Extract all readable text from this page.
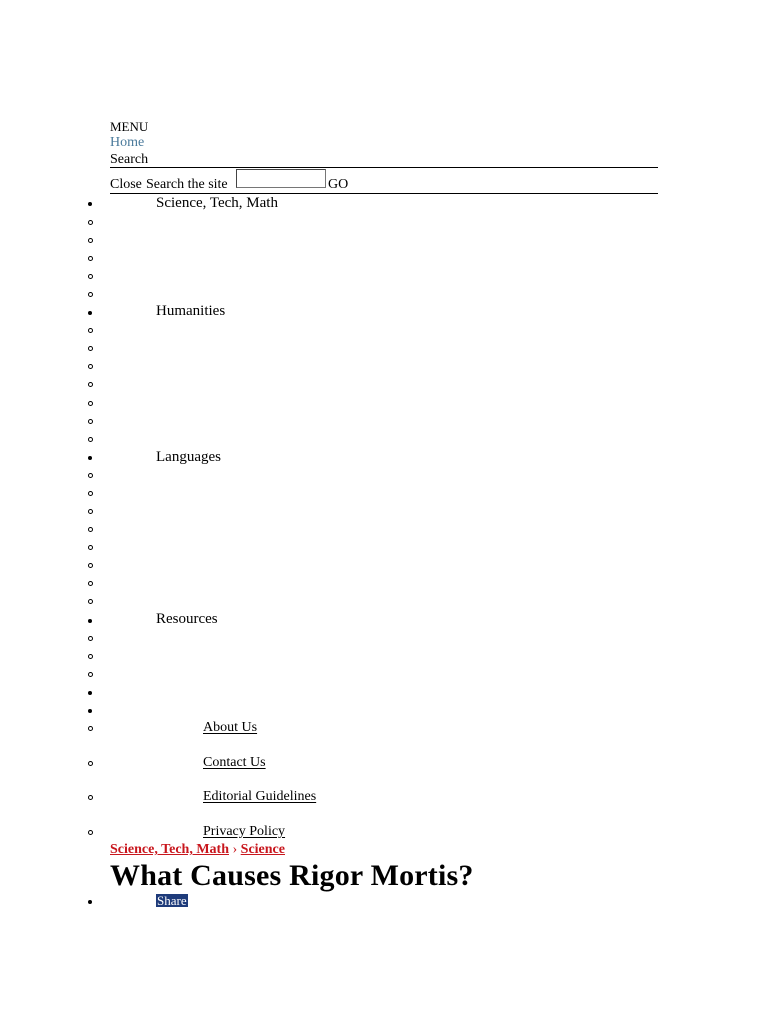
MENU
Home
Search
Close Search the site	GO
Science, Tech, Math
Humanities
Languages
Resources
About Us
Contact Us
Editorial Guidelines
Privacy Policy
Science, Tech, Math › Science
What Causes Rigor Mortis?
Share
